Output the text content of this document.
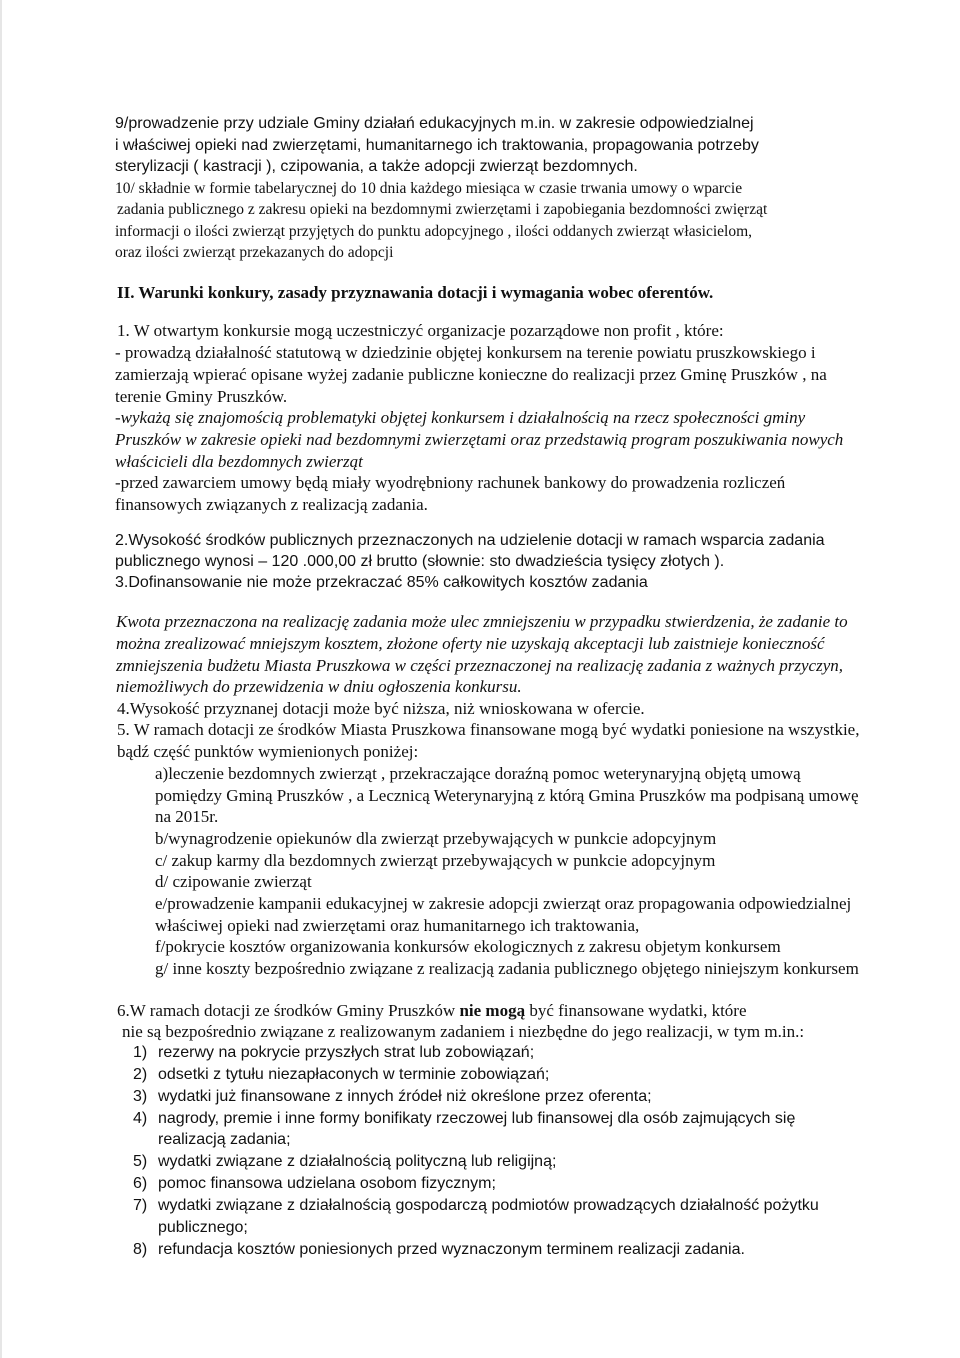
9/prowadzenie przy udziale Gminy działań edukacyjnych m.in. w zakresie odpowiedzialnej

i właściwej opieki nad zwierzętami, humanitarnego ich traktowania, propagowania potrzeby

sterylizacji ( kastracji ), czipowania, a także adopcji zwierząt bezdomnych.

10/ składnie w formie tabelarycznej do 10 dnia każdego miesiąca w czasie trwania umowy o wparcie

zadania publicznego z zakresu opieki na bezdomnymi zwierzętami i zapobiegania bezdomności zwięrząt

informacji o ilości zwierząt przyjętych do punktu adopcyjnego , ilości oddanych zwierząt własicielom,

oraz ilości zwierząt przekazanych do adopcji

II. Warunki konkury, zasady przyznawania dotacji i wymagania wobec oferentów.

1. W otwartym konkursie mogą uczestniczyć organizacje pozarządowe non profit , które:

- prowadzą działalność statutową w dziedzinie objętej konkursem na terenie powiatu pruszkowskiego i

zamierzają wpierać opisane wyżej zadanie publiczne konieczne do realizacji przez Gminę Pruszków , na

terenie Gminy Pruszków.

-wykażą się znajomością problematyki objętej konkursem i działalnością na rzecz społeczności gminy

Pruszków w zakresie opieki nad bezdomnymi zwierzętami oraz przedstawią program poszukiwania nowych

właścicieli dla bezdomnych zwierząt

-przed zawarciem umowy będą miały wyodrębniony rachunek bankowy do prowadzenia rozliczeń

finansowych związanych z realizacją zadania.

2.Wysokość środków publicznych przeznaczonych na udzielenie dotacji w ramach wsparcia zadania

publicznego wynosi – 120 .000,00 zł brutto (słownie: sto dwadzieścia tysięcy złotych ).

3.Dofinansowanie nie może przekraczać 85% całkowitych kosztów zadania

Kwota przeznaczona na realizację zadania może ulec zmniejszeniu w przypadku stwierdzenia, że zadanie to

można zrealizować mniejszym kosztem, złożone oferty nie uzyskają akceptacji lub zaistnieje konieczność

zmniejszenia budżetu Miasta Pruszkowa w części przeznaczonej na realizację zadania z ważnych przyczyn,

niemożliwych do przewidzenia w dniu ogłoszenia konkursu.

4.Wysokość przyznanej dotacji może być niższa, niż wnioskowana w ofercie.

5. W ramach dotacji ze środków Miasta Pruszkowa finansowane mogą być wydatki poniesione na wszystkie,

bądź część punktów wymienionych poniżej:

a)leczenie bezdomnych zwierząt , przekraczające doraźną pomoc weterynaryjną objętą umową

pomiędzy Gminą Pruszków , a Lecznicą Weterynaryjną z którą Gmina Pruszków ma podpisaną umowę

na 2015r.

b/wynagrodzenie opiekunów dla zwierząt przebywających w punkcie adopcyjnym

c/ zakup karmy dla bezdomnych zwierząt przebywających w punkcie adopcyjnym

d/ czipowanie zwierząt

e/prowadzenie kampanii edukacyjnej w zakresie adopcji zwierząt oraz propagowania odpowiedzialnej

właściwej opieki nad zwierzętami oraz humanitarnego ich traktowania,

f/pokrycie kosztów organizowania konkursów ekologicznych z zakresu objetym konkursem

g/ inne koszty bezpośrednio związane z realizacją zadania publicznego objętego niniejszym konkursem

6.W ramach dotacji ze środków Gminy Pruszków nie mogą być finansowane wydatki, które

nie są bezpośrednio związane z realizowanym zadaniem i niezbędne do jego realizacji, w tym m.in.:

1) rezerwy na pokrycie przyszłych strat lub zobowiązań;

2) odsetki z tytułu niezapłaconych w terminie zobowiązań;

3) wydatki już finansowane z innych źródeł niż określone przez oferenta;

4) nagrody, premie i inne formy bonifikaty rzeczowej lub finansowej dla osób zajmujących się

realizacją zadania;

5) wydatki związane z działalnością polityczną lub religijną;

6) pomoc finansowa udzielana osobom fizycznym;

7) wydatki związane z działalnością gospodarczą podmiotów prowadzących działalność pożytku

publicznego;

8) refundacja kosztów poniesionych przed wyznaczonym terminem realizacji zadania.
